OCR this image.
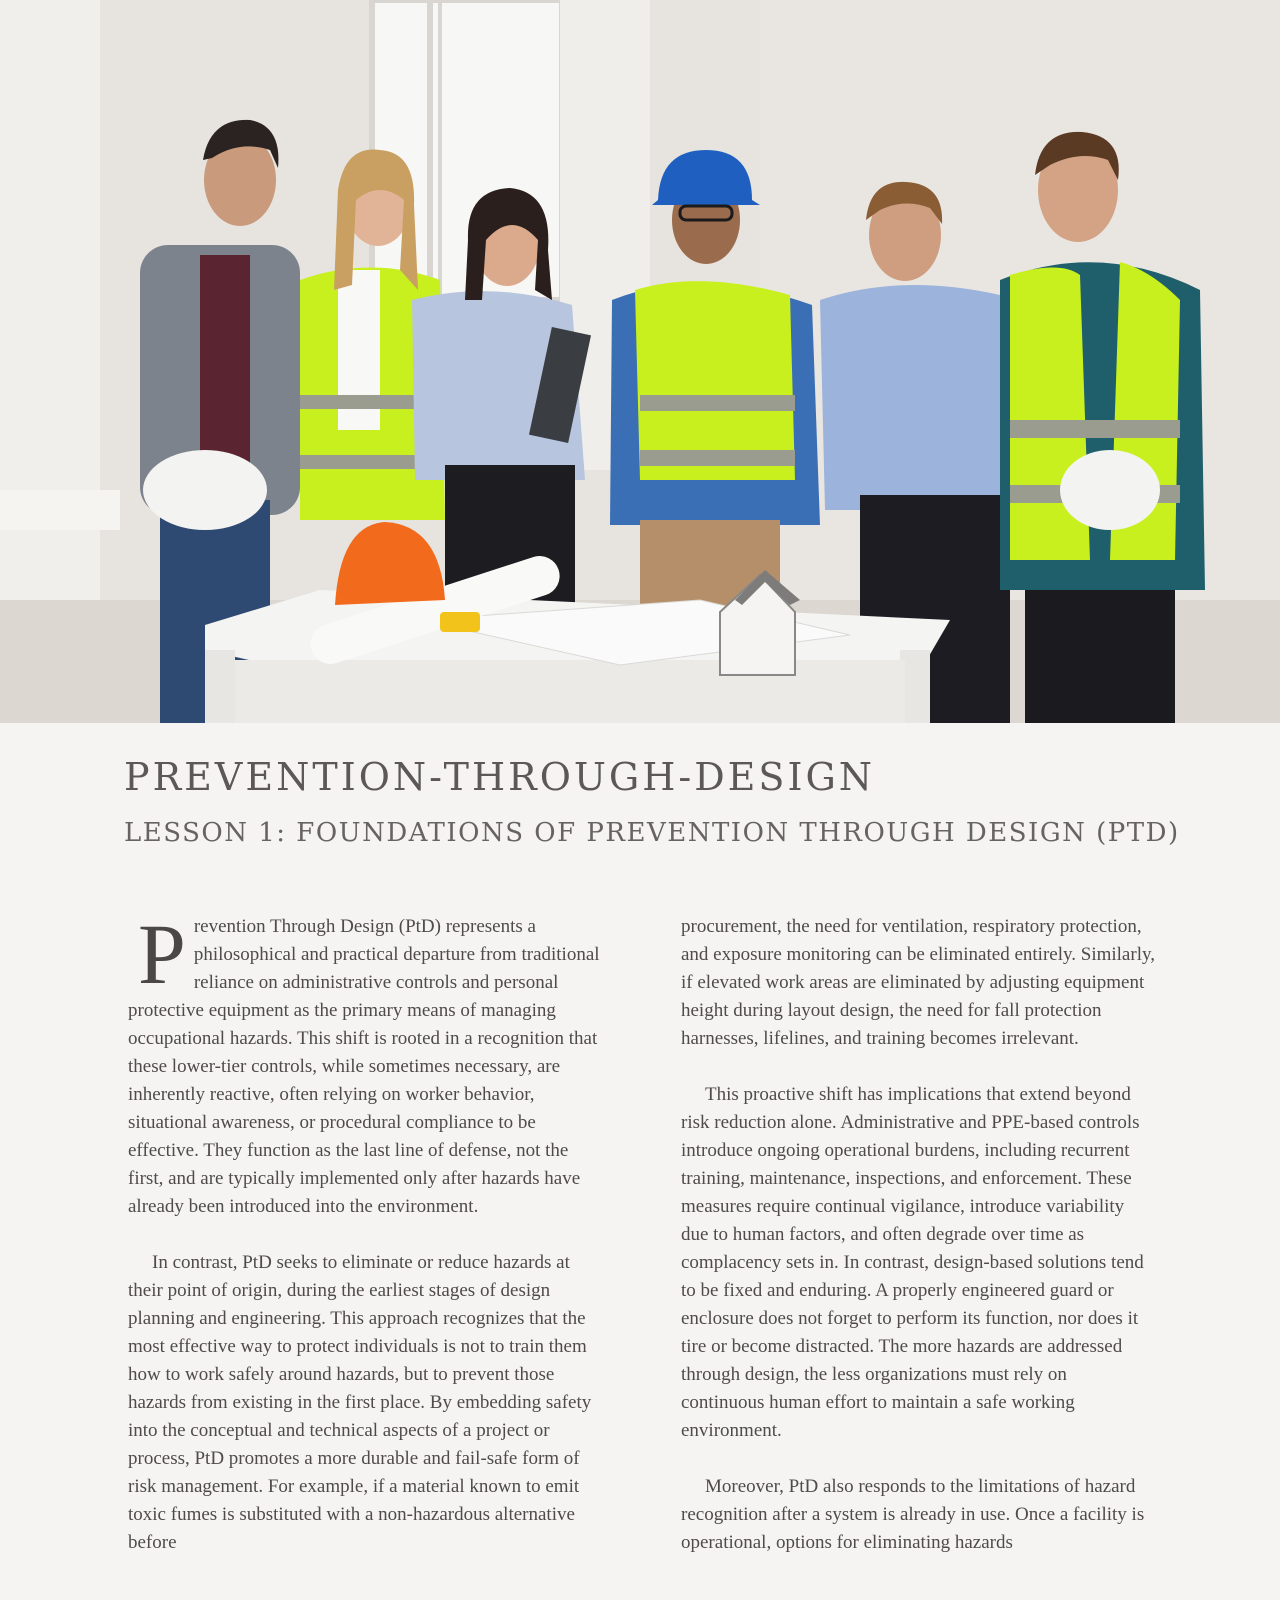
PREVENTION-THROUGH-DESIGN
LESSON 1: FOUNDATIONS OF PREVENTION THROUGH DESIGN (PTD)

Prevention Through Design (PtD) represents a philosophical and practical departure from traditional reliance on administrative controls and personal protective equipment as the primary means of managing occupational hazards. This shift is rooted in a recognition that these lower-tier controls, while sometimes necessary, are inherently reactive, often relying on worker behavior, situational awareness, or procedural compliance to be effective. They function as the last line of defense, not the first, and are typically implemented only after hazards have already been introduced into the environment.

In contrast, PtD seeks to eliminate or reduce hazards at their point of origin, during the earliest stages of design planning and engineering. This approach recognizes that the most effective way to protect individuals is not to train them how to work safely around hazards, but to prevent those hazards from existing in the first place. By embedding safety into the conceptual and technical aspects of a project or process, PtD promotes a more durable and fail-safe form of risk management. For example, if a material known to emit toxic fumes is substituted with a non-hazardous alternative before

procurement, the need for ventilation, respiratory protection, and exposure monitoring can be eliminated entirely. Similarly, if elevated work areas are eliminated by adjusting equipment height during layout design, the need for fall protection harnesses, lifelines, and training becomes irrelevant.

This proactive shift has implications that extend beyond risk reduction alone. Administrative and PPE-based controls introduce ongoing operational burdens, including recurrent training, maintenance, inspections, and enforcement. These measures require continual vigilance, introduce variability due to human factors, and often degrade over time as complacency sets in. In contrast, design-based solutions tend to be fixed and enduring. A properly engineered guard or enclosure does not forget to perform its function, nor does it tire or become distracted. The more hazards are addressed through design, the less organizations must rely on continuous human effort to maintain a safe working environment.

Moreover, PtD also responds to the limitations of hazard recognition after a system is already in use. Once a facility is operational, options for eliminating hazards
